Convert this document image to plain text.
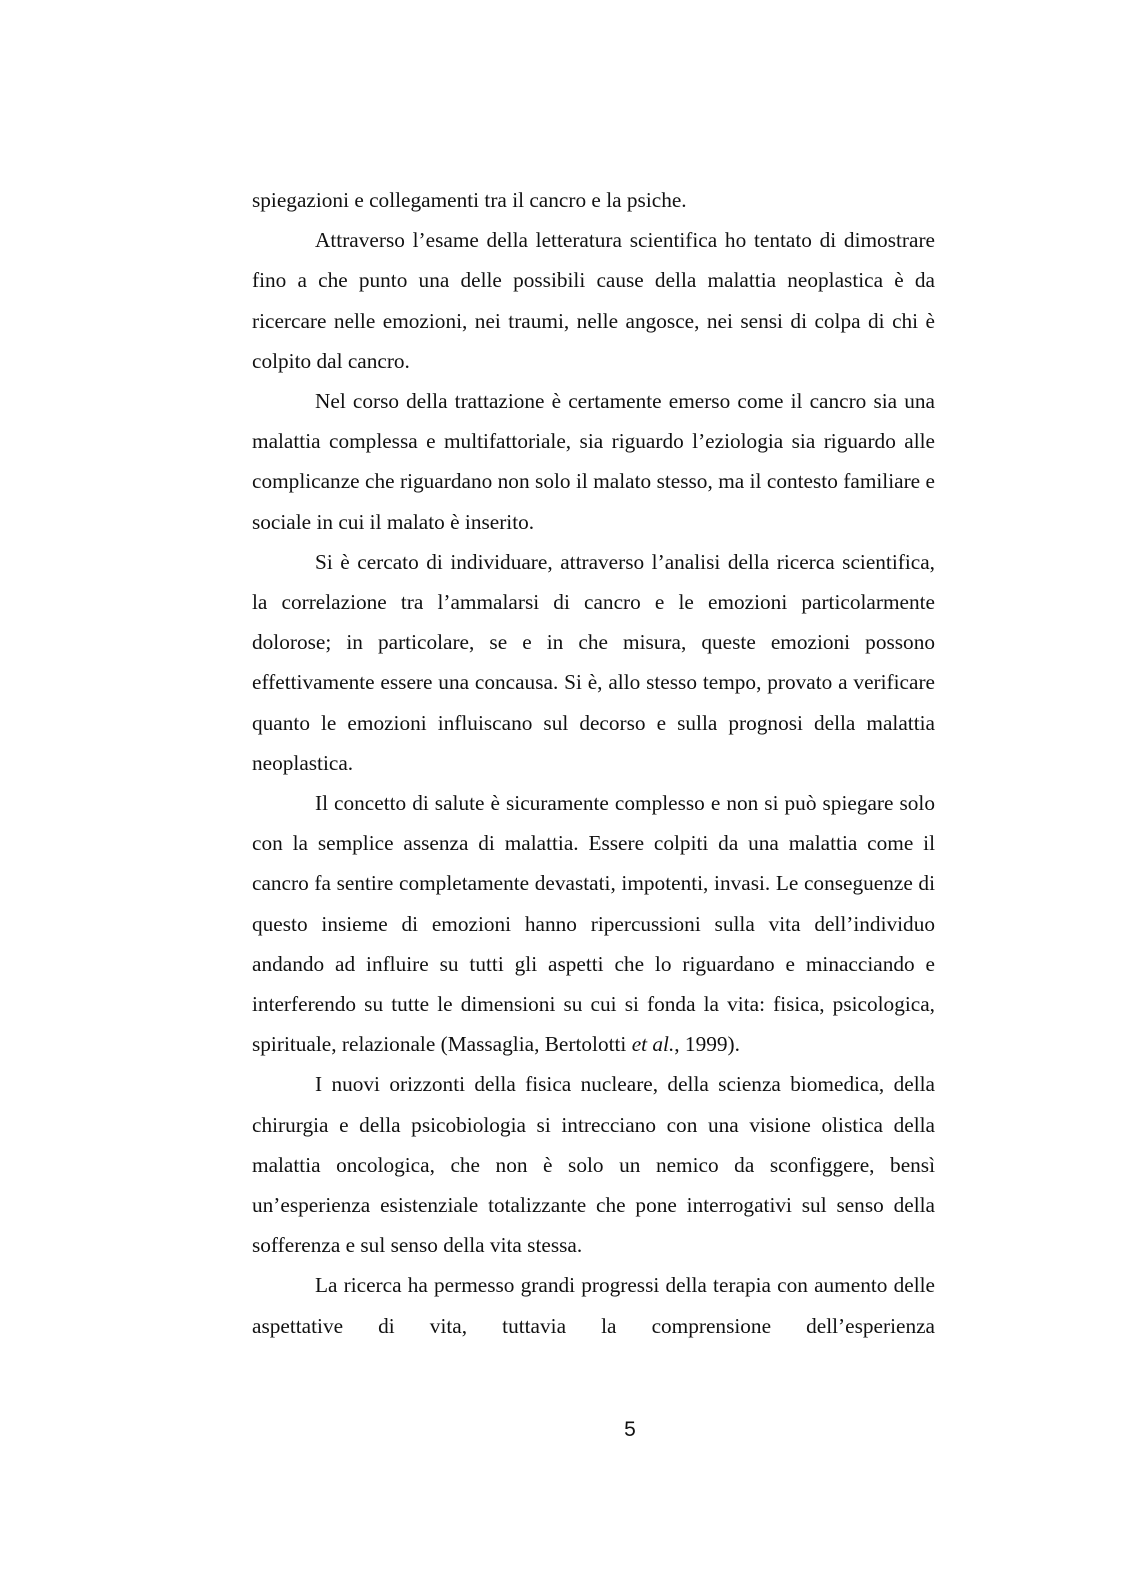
spiegazioni e collegamenti tra il cancro e la psiche.

Attraverso l’esame della letteratura scientifica ho tentato di dimostrare fino a che punto una delle possibili cause della malattia neoplastica è da ricercare nelle emozioni, nei traumi, nelle angosce, nei sensi di colpa di chi è colpito dal cancro.

Nel corso della trattazione è certamente emerso come il cancro sia una malattia complessa e multifattoriale, sia riguardo l’eziologia sia riguardo alle complicanze che riguardano non solo il malato stesso, ma il contesto familiare e sociale in cui il malato è inserito.

Si è cercato di individuare, attraverso l’analisi della ricerca scientifica, la correlazione tra l’ammalarsi di cancro e le emozioni particolarmente dolorose; in particolare, se e in che misura, queste emozioni possono effettivamente essere una concausa. Si è, allo stesso tempo, provato a verificare quanto le emozioni influiscano sul decorso e sulla prognosi della malattia neoplastica.

Il concetto di salute è sicuramente complesso e non si può spiegare solo con la semplice assenza di malattia. Essere colpiti da una malattia come il cancro fa sentire completamente devastati, impotenti, invasi. Le conseguenze di questo insieme di emozioni hanno ripercussioni sulla vita dell’individuo andando ad influire su tutti gli aspetti che lo riguardano e minacciando e interferendo su tutte le dimensioni su cui si fonda la vita: fisica, psicologica, spirituale, relazionale (Massaglia, Bertolotti et al., 1999).

I nuovi orizzonti della fisica nucleare, della scienza biomedica, della chirurgia e della psicobiologia si intrecciano con una visione olistica della malattia oncologica, che non è solo un nemico da sconfiggere, bensì un’esperienza esistenziale totalizzante che pone interrogativi sul senso della sofferenza e sul senso della vita stessa.

La ricerca ha permesso grandi progressi della terapia con aumento delle aspettative di vita, tuttavia la comprensione dell’esperienza

5
